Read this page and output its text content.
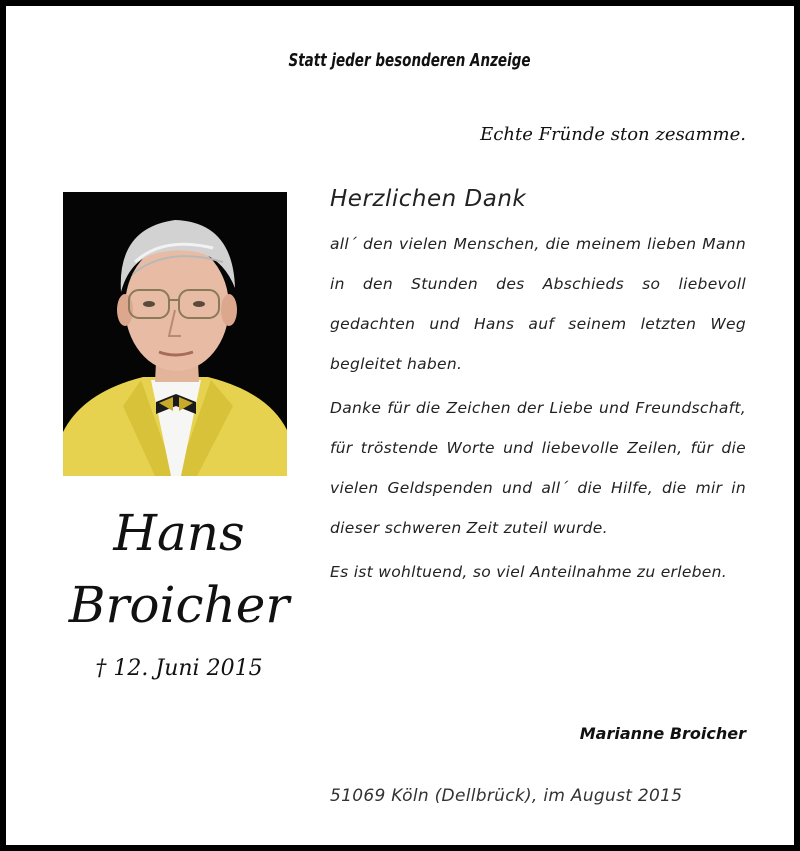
Statt jeder besonderen Anzeige
Echte Fründe ston zesamme.
Hans
Broicher
† 12. Juni 2015
Herzlichen Dank

all´ den vielen Menschen, die meinem lieben Mann in den Stunden des Abschieds so liebevoll gedachten und Hans auf seinem letzten Weg begleitet haben.

Danke für die Zeichen der Liebe und Freundschaft, für tröstende Worte und liebevolle Zeilen, für die vielen Geldspenden und all´ die Hilfe, die mir in dieser schweren Zeit zuteil wurde.

Es ist wohltuend, so viel Anteilnahme zu erleben.

Marianne Broicher
51069 Köln (Dellbrück), im August 2015
